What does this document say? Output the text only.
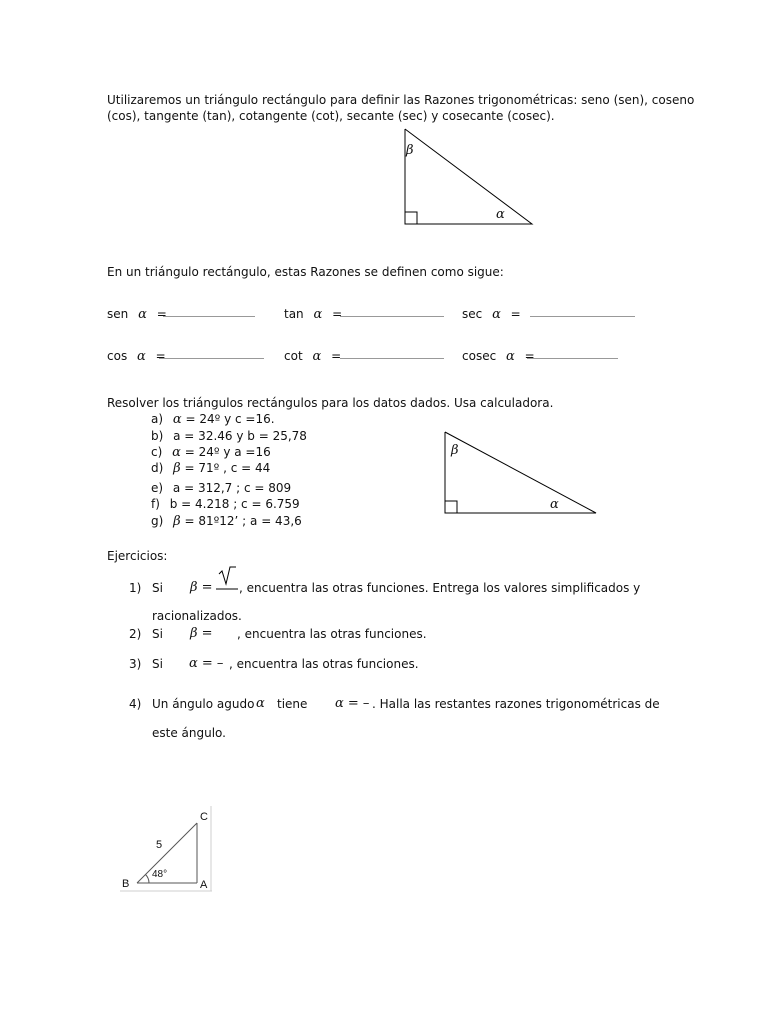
Utilizaremos un triángulo rectángulo para definir las Razones trigonométricas: seno (sen), coseno
(cos), tangente (tan), cotangente (cot), secante (sec) y cosecante (cosec).
β
α
En un triángulo rectángulo, estas Razones se definen como sigue:
sen α =	tan α =	sec α =
cos α =	cot α =	cosec α =
Resolver los triángulos rectángulos para los datos dados. Usa calculadora.
a) α = 24º y c =16.
b) a = 32.46 y b = 25,78
c) α = 24º y a =16
d) β = 71º , c = 44
e) a = 312,7 ; c = 809
f) b = 4.218 ; c = 6.759
g) β = 81º12’ ; a = 43,6
β
α
Ejercicios:
1) Si β = , encuentra las otras funciones. Entrega los valores simplificados y
racionalizados.
2) Si β = , encuentra las otras funciones.
3) Si α = – , encuentra las otras funciones.
4) Un ángulo agudo α tiene α = – . Halla las restantes razones trigonométricas de
este ángulo.
C
B	A
5
48°
